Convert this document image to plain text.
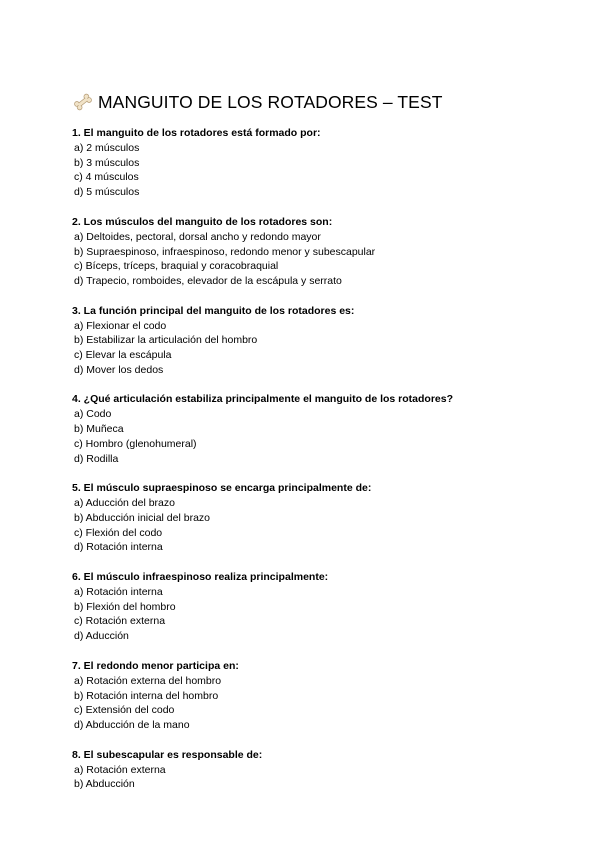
MANGUITO DE LOS ROTADORES – TEST
1. El manguito de los rotadores está formado por:
a) 2 músculos
b) 3 músculos
c) 4 músculos
d) 5 músculos
2. Los músculos del manguito de los rotadores son:
a) Deltoides, pectoral, dorsal ancho y redondo mayor
b) Supraespinoso, infraespinoso, redondo menor y subescapular
c) Bíceps, tríceps, braquial y coracobraquial
d) Trapecio, romboides, elevador de la escápula y serrato
3. La función principal del manguito de los rotadores es:
a) Flexionar el codo
b) Estabilizar la articulación del hombro
c) Elevar la escápula
d) Mover los dedos
4. ¿Qué articulación estabiliza principalmente el manguito de los rotadores?
a) Codo
b) Muñeca
c) Hombro (glenohumeral)
d) Rodilla
5. El músculo supraespinoso se encarga principalmente de:
a) Aducción del brazo
b) Abducción inicial del brazo
c) Flexión del codo
d) Rotación interna
6. El músculo infraespinoso realiza principalmente:
a) Rotación interna
b) Flexión del hombro
c) Rotación externa
d) Aducción
7. El redondo menor participa en:
a) Rotación externa del hombro
b) Rotación interna del hombro
c) Extensión del codo
d) Abducción de la mano
8. El subescapular es responsable de:
a) Rotación externa
b) Abducción
